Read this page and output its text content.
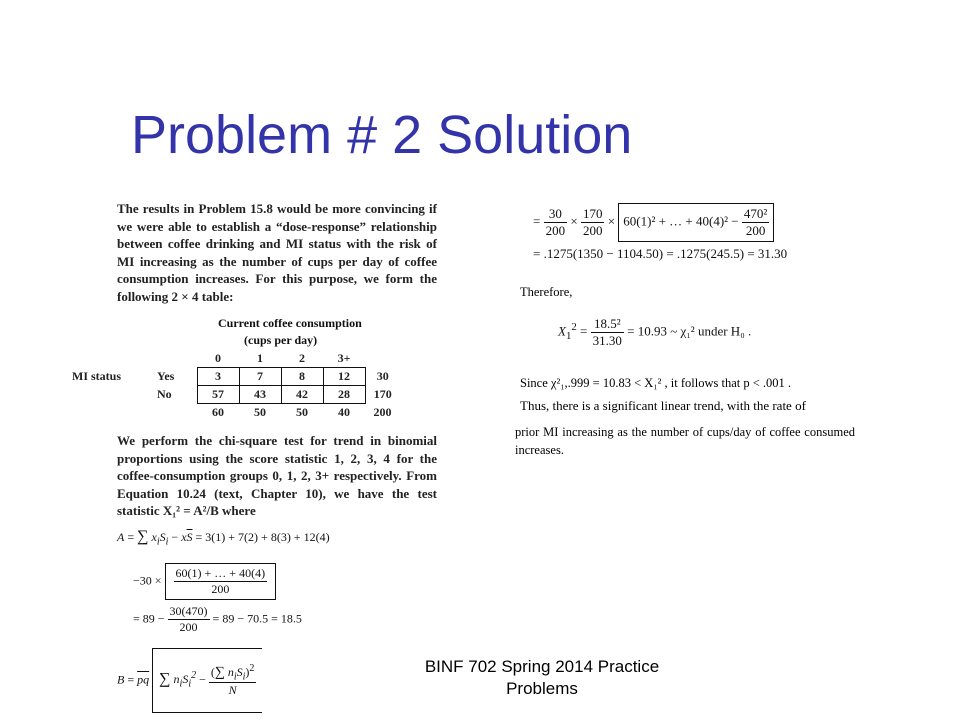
Problem # 2 Solution
The results in Problem 15.8 would be more convincing if we were able to establish a “dose-response” relationship between coffee drinking and MI status with the risk of MI increasing as the number of cups per day of coffee consumption increases. For this purpose, we form the following 2 × 4 table:
Current coffee consumption
(cups per day)
		0	1	2	3+	
MI status	Yes	3	7	8	12	30
	No	57	43	42	28	170
		60	50	50	40	200
We perform the chi-square test for trend in binomial proportions using the score statistic 1, 2, 3, 4 for the coffee-consumption groups 0, 1, 2, 3+ respectively. From Equation 10.24 (text, Chapter 10), we have the test statistic X₁² = A²/B where
A = ∑ $x_iS_i - x\overline{S} = 3(1) + 7(2) + 8(3) + 12(4)$
$-30 \times \frac{60(1) + \dots + 40(4)}{200}$
= $89 - \frac{30(470)}{200} = 89 - 70.5 = 18.5$
$B = \overline{pq}$ ∑ $n_iS_i^2 - \frac{(\sum n_iS_i)^2}{N}$
= $\frac{30}{200} \times \frac{170}{200} \times 60(1)^2$ + … + $40(4)^2 - \frac{\text{470²}}{200}$
= .1275(1350 − 1104.50) = .1275(245.5) = 31.30
Therefore,
$X_1^2 = \frac{\text{18.5²}}{31.30} = 10.93$ ~ χ₁² under H₀ .
Since χ²₁,.999 = 10.83 < X₁² , it follows that p < .001 .
Thus, there is a significant linear trend, with the rate of
prior MI increasing as the number of cups/day of coffee consumed increases.
BINF 702 Spring 2014 Practice
Problems
